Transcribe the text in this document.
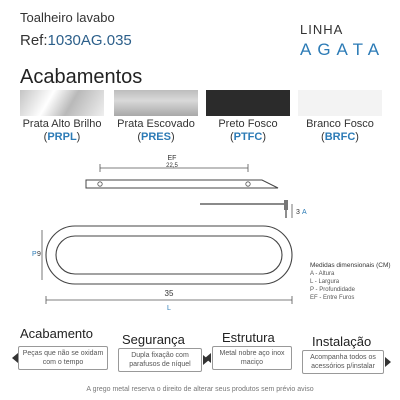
Toalheiro lavabo
Ref:1030AG.035
LINHA
AGATA
Acabamentos
Prata Alto Brilho
(PRPL)
Prata Escovado
(PRES)
Preto Fosco
(PTFC)
Branco Fosco
(BRFC)
EF
22,5
3 A
P 9
35
L
Medidas dimensionais (CM)
A - Altura
L - Largura
P - Profundidade
EF - Entre Furos
Acabamento
Peças que não se oxidam com o tempo
Segurança
Dupla fixação com parafusos de níquel
Estrutura
Metal nobre aço inox maciço
Instalação
Acompanha todos os acessórios p/instalar
A grego metal reserva o direito de alterar seus produtos sem prévio aviso
